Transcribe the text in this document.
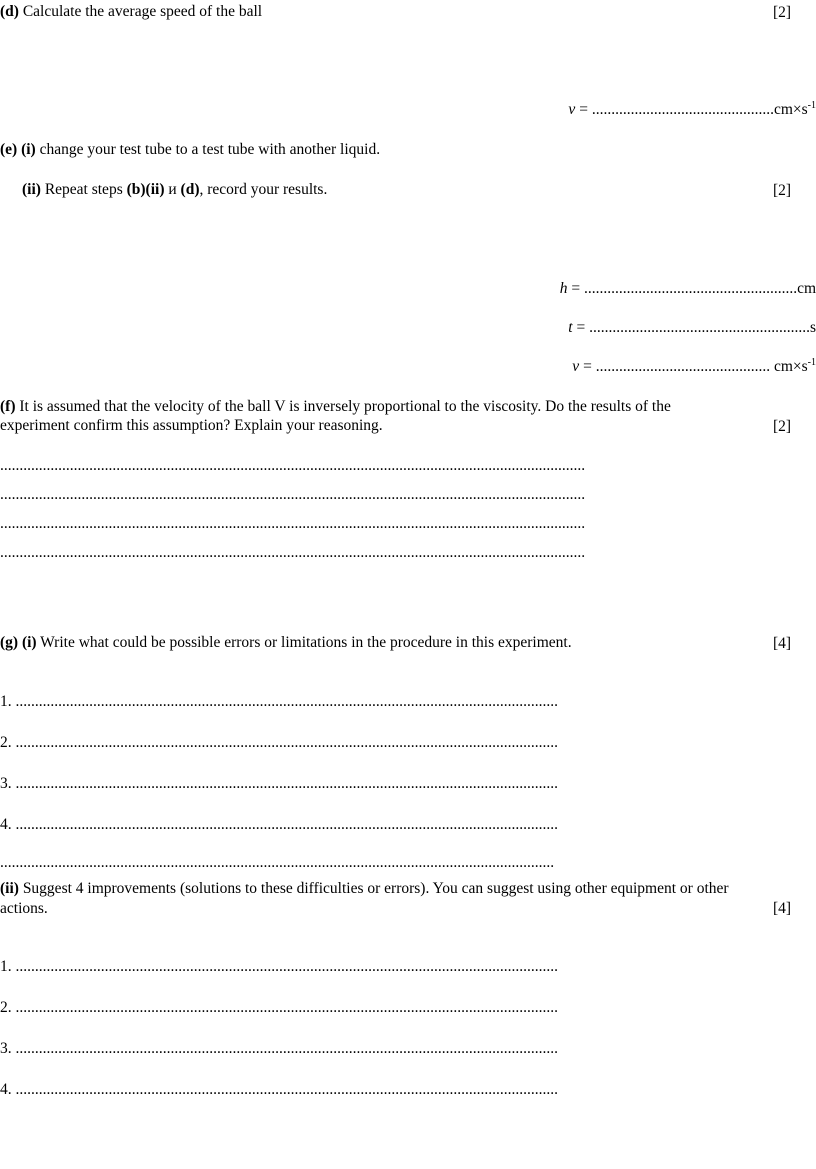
(d) Calculate the average speed of the ball	[2]
$v = ...............................................cm\times s^{-1}$
(e) (i) change your test tube to a test tube with another liquid.
(ii) Repeat steps (b)(ii) и (d), record your results.	[2]
h = .......................................................cm
t = .........................................................s
v = ............................................. $cm\times s^{-1}$
(f) It is assumed that the velocity of the ball V is inversely proportional to the viscosity. Do the results of the
experiment confirm this assumption? Explain your reasoning.	[2]
.......................................................................................................................................................
.......................................................................................................................................................
.......................................................................................................................................................
.......................................................................................................................................................
(g) (i) Write what could be possible errors or limitations in the procedure in this experiment.	[4]
1. ............................................................................................................................................
2. ............................................................................................................................................
3. ............................................................................................................................................
4. ............................................................................................................................................
...............................................................................................................................................
(ii) Suggest 4 improvements (solutions to these difficulties or errors). You can suggest using other equipment or other
actions.	[4]
1. ............................................................................................................................................
2. ............................................................................................................................................
3. ............................................................................................................................................
4. ............................................................................................................................................
